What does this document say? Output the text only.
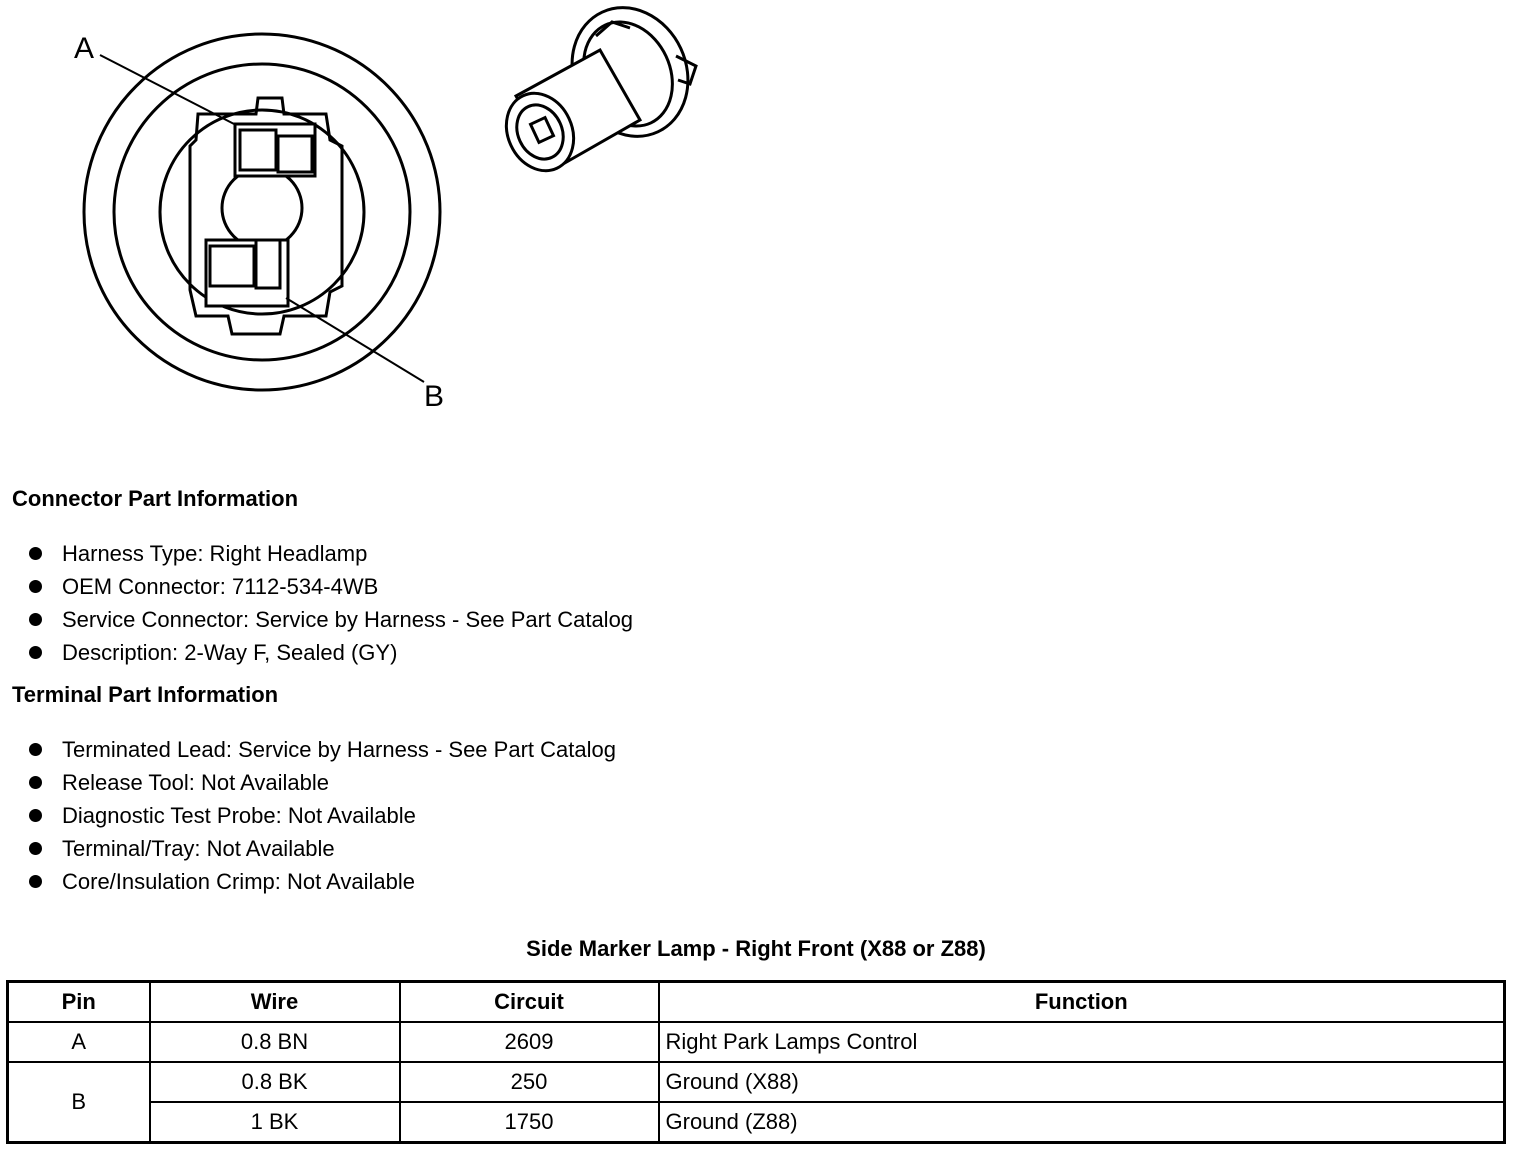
A
B
Connector Part Information
Harness Type: Right Headlamp
OEM Connector: 7112-534-4WB
Service Connector: Service by Harness - See Part Catalog
Description: 2-Way F, Sealed (GY)
Terminal Part Information
Terminated Lead: Service by Harness - See Part Catalog
Release Tool: Not Available
Diagnostic Test Probe: Not Available
Terminal/Tray: Not Available
Core/Insulation Crimp: Not Available
Side Marker Lamp - Right Front (X88 or Z88)
Pin	Wire	Circuit	Function
A	0.8 BN	2609	Right Park Lamps Control
B	0.8 BK	250	Ground (X88)
	1 BK	1750	Ground (Z88)
